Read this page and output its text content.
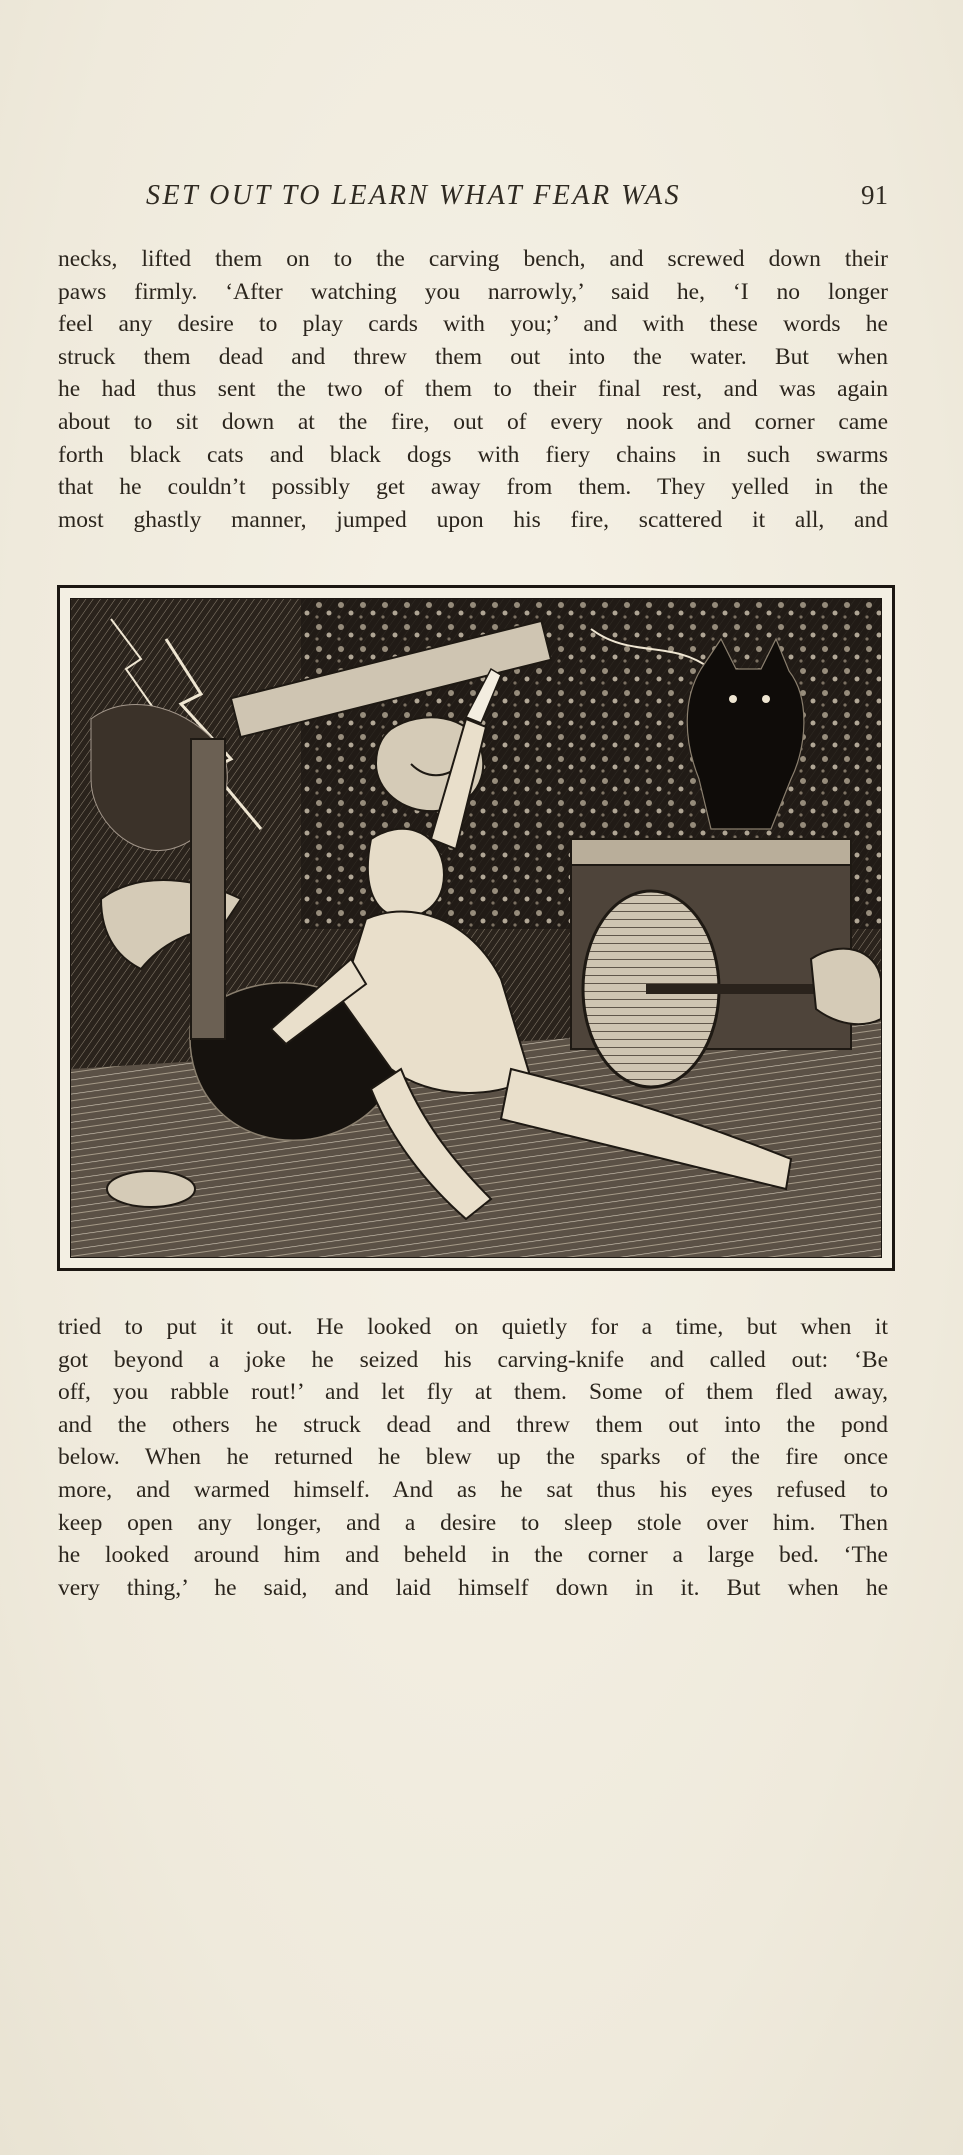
SET OUT TO LEARN WHAT FEAR WAS	91

necks, lifted them on to the carving bench, and screwed down their
paws firmly. ‘After watching you narrowly,’ said he, ‘I no longer
feel any desire to play cards with you;’ and with these words he
struck them dead and threw them out into the water. But when
he had thus sent the two of them to their final rest, and was again
about to sit down at the fire, out of every nook and corner came
forth black cats and black dogs with fiery chains in such swarms
that he couldn’t possibly get away from them. They yelled in the
most ghastly manner, jumped upon his fire, scattered it all, and

tried to put it out. He looked on quietly for a time, but when it
got beyond a joke he seized his carving-knife and called out: ‘Be
off, you rabble rout!’ and let fly at them. Some of them fled away,
and the others he struck dead and threw them out into the pond
below. When he returned he blew up the sparks of the fire once
more, and warmed himself. And as he sat thus his eyes refused to
keep open any longer, and a desire to sleep stole over him. Then
he looked around him and beheld in the corner a large bed. ‘The
very thing,’ he said, and laid himself down in it. But when he
